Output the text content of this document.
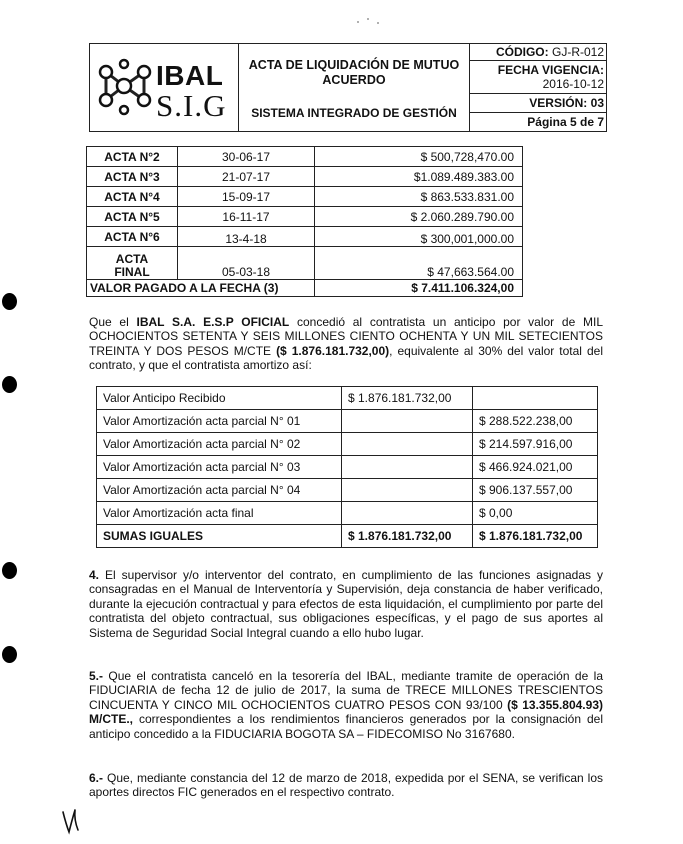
IBAL
S.I.G

ACTA DE LIQUIDACIÓN DE MUTUO ACUERDO
SISTEMA INTEGRADO DE GESTIÓN
	CÓDIGO: GJ-R-012

FECHA VIGENCIA:
2016-10-12

VERSIÓN: 03
Página 5 de 7
ACTA N°2	30-06-17	$ 500,728,470.00
ACTA N°3	21-07-17	$1.089.489.383.00
ACTA N°4	15-09-17	$ 863.533.831.00
ACTA N°5	16-11-17	$ 2.060.289.790.00
ACTA N°6	13-4-18	$ 300,001,000.00

ACTA
FINAL	05-03-18	$ 47,663.564.00
VALOR PAGADO A LA FECHA (3)		$ 7.411.106.324,00
Que el IBAL S.A. E.S.P OFICIAL concedió al contratista un anticipo por valor de MIL OCHOCIENTOS SETENTA Y SEIS MILLONES CIENTO OCHENTA Y UN MIL SETECIENTOS TREINTA Y DOS PESOS M/CTE ($ 1.876.181.732,00), equivalente al 30% del valor total del contrato, y que el contratista amortizo así:
Valor Anticipo Recibido	$ 1.876.181.732,00	
Valor Amortización acta parcial N° 01		$ 288.522.238,00
Valor Amortización acta parcial N° 02		$ 214.597.916,00
Valor Amortización acta parcial N° 03		$ 466.924.021,00
Valor Amortización acta parcial N° 04		$ 906.137.557,00
Valor Amortización acta final		$ 0,00
SUMAS IGUALES	$ 1.876.181.732,00	$ 1.876.181.732,00
4. El supervisor y/o interventor del contrato, en cumplimiento de las funciones asignadas y consagradas en el Manual de Interventoría y Supervisión, deja constancia de haber verificado, durante la ejecución contractual y para efectos de esta liquidación, el cumplimiento por parte del contratista del objeto contractual, sus obligaciones específicas, y el pago de sus aportes al Sistema de Seguridad Social Integral cuando a ello hubo lugar.
5.- Que el contratista canceló en la tesorería del IBAL, mediante tramite de operación de la FIDUCIARIA de fecha 12 de julio de 2017, la suma de TRECE MILLONES TRESCIENTOS CINCUENTA Y CINCO MIL OCHOCIENTOS CUATRO PESOS CON 93/100 ($ 13.355.804.93) M/CTE., correspondientes a los rendimientos financieros generados por la consignación del anticipo concedido a la FIDUCIARIA BOGOTA SA – FIDECOMISO No 3167680.
6.- Que, mediante constancia del 12 de marzo de 2018, expedida por el SENA, se verifican los aportes directos FIC generados en el respectivo contrato.
